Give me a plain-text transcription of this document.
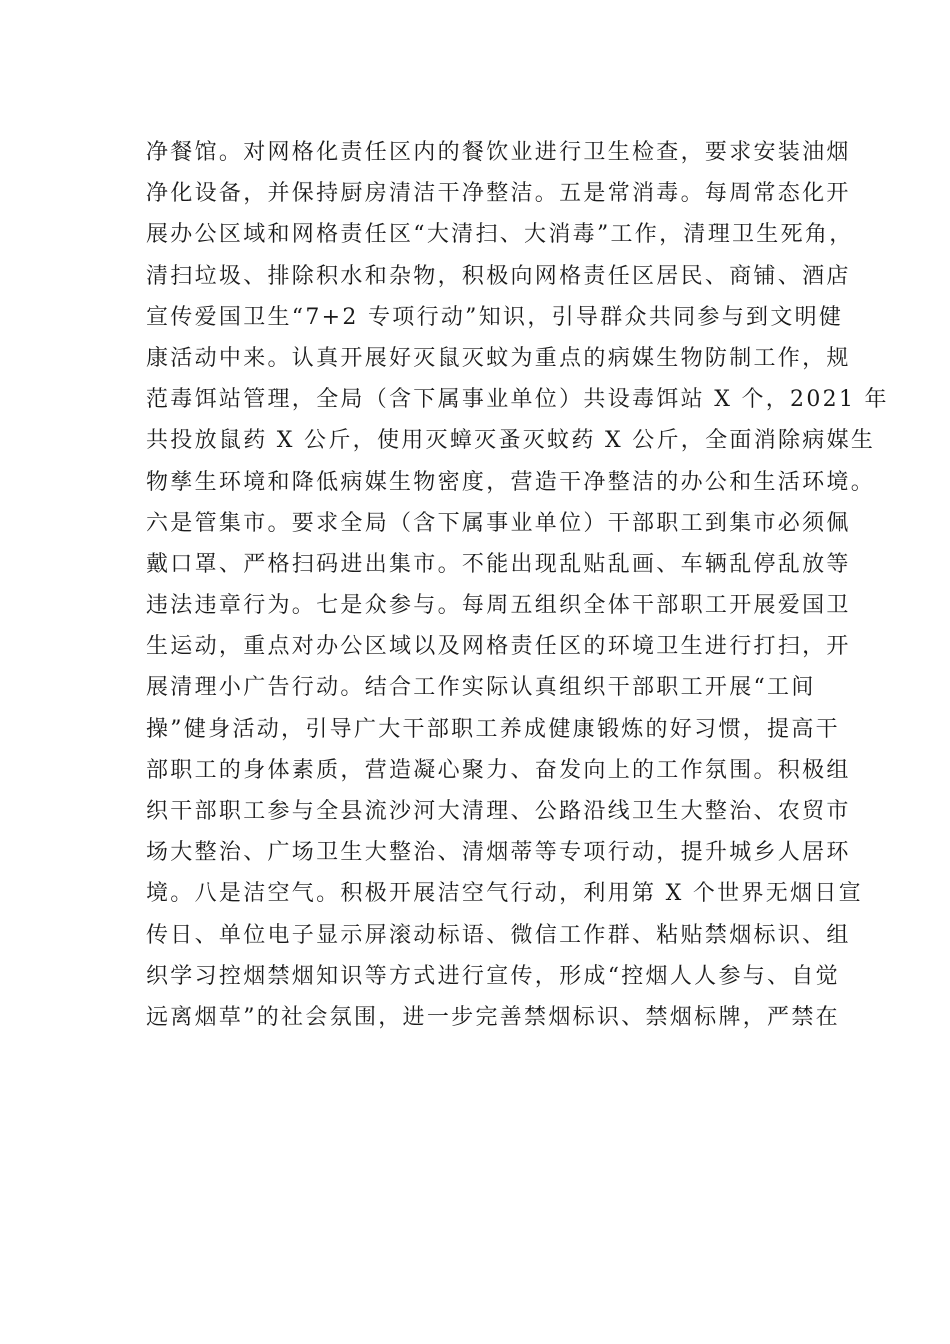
净餐馆。对网格化责任区内的餐饮业进行卫生检查，要求安装油烟
净化设备，并保持厨房清洁干净整洁。五是常消毒。每周常态化开
展办公区域和网格责任区“大清扫、大消毒”工作，清理卫生死角，
清扫垃圾、排除积水和杂物，积极向网格责任区居民、商铺、酒店
宣传爱国卫生“7+2 专项行动”知识，引导群众共同参与到文明健
康活动中来。认真开展好灭鼠灭蚊为重点的病媒生物防制工作，规
范毒饵站管理，全局（含下属事业单位）共设毒饵站 X 个，2021 年
共投放鼠药 X 公斤，使用灭蟑灭蚤灭蚊药 X 公斤，全面消除病媒生
物孳生环境和降低病媒生物密度，营造干净整洁的办公和生活环境。
六是管集市。要求全局（含下属事业单位）干部职工到集市必须佩
戴口罩、严格扫码进出集市。不能出现乱贴乱画、车辆乱停乱放等
违法违章行为。七是众参与。每周五组织全体干部职工开展爱国卫
生运动，重点对办公区域以及网格责任区的环境卫生进行打扫，开
展清理小广告行动。结合工作实际认真组织干部职工开展“工间
操”健身活动，引导广大干部职工养成健康锻炼的好习惯，提高干
部职工的身体素质，营造凝心聚力、奋发向上的工作氛围。积极组
织干部职工参与全县流沙河大清理、公路沿线卫生大整治、农贸市
场大整治、广场卫生大整治、清烟蒂等专项行动，提升城乡人居环
境。八是洁空气。积极开展洁空气行动，利用第 X 个世界无烟日宣
传日、单位电子显示屏滚动标语、微信工作群、粘贴禁烟标识、组
织学习控烟禁烟知识等方式进行宣传，形成“控烟人人参与、自觉
远离烟草”的社会氛围，进一步完善禁烟标识、禁烟标牌，严禁在
